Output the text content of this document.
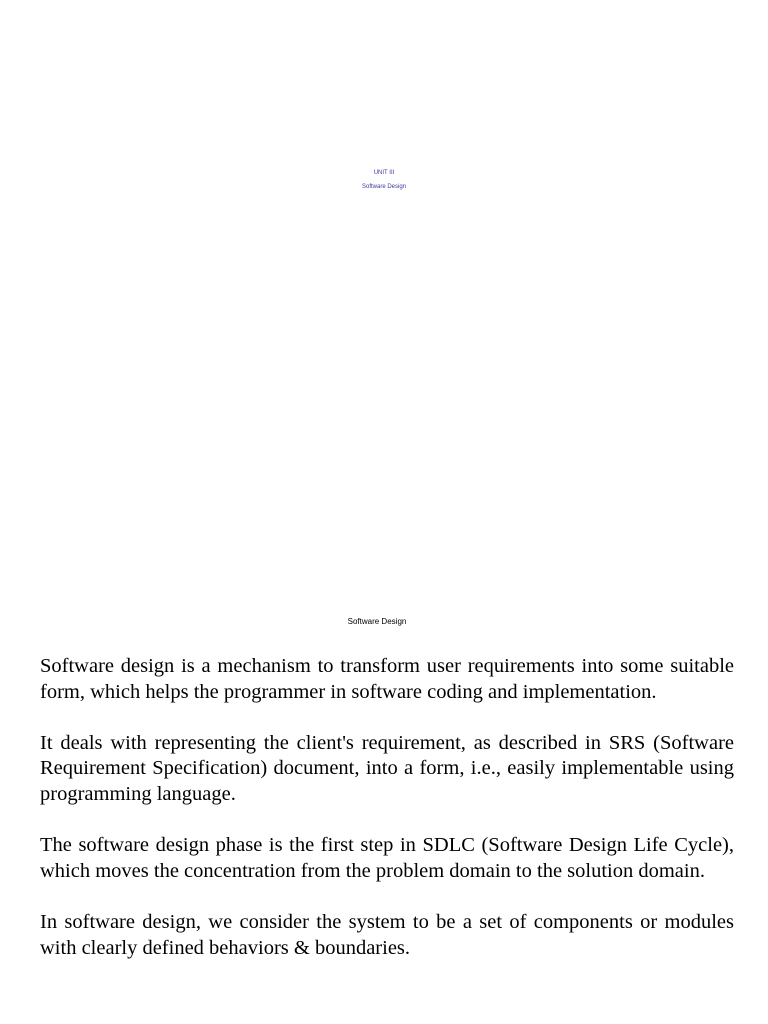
UNIT III
Software Design
Software Design

Software design is a mechanism to transform user requirements into some suitable form, which helps the programmer in software coding and implementation.

It deals with representing the client's requirement, as described in SRS (Software Requirement Specification) document, into a form, i.e., easily implementable using programming language.

The software design phase is the first step in SDLC (Software Design Life Cycle), which moves the concentration from the problem domain to the solution domain.

In software design, we consider the system to be a set of components or modules with clearly defined behaviors & boundaries.
